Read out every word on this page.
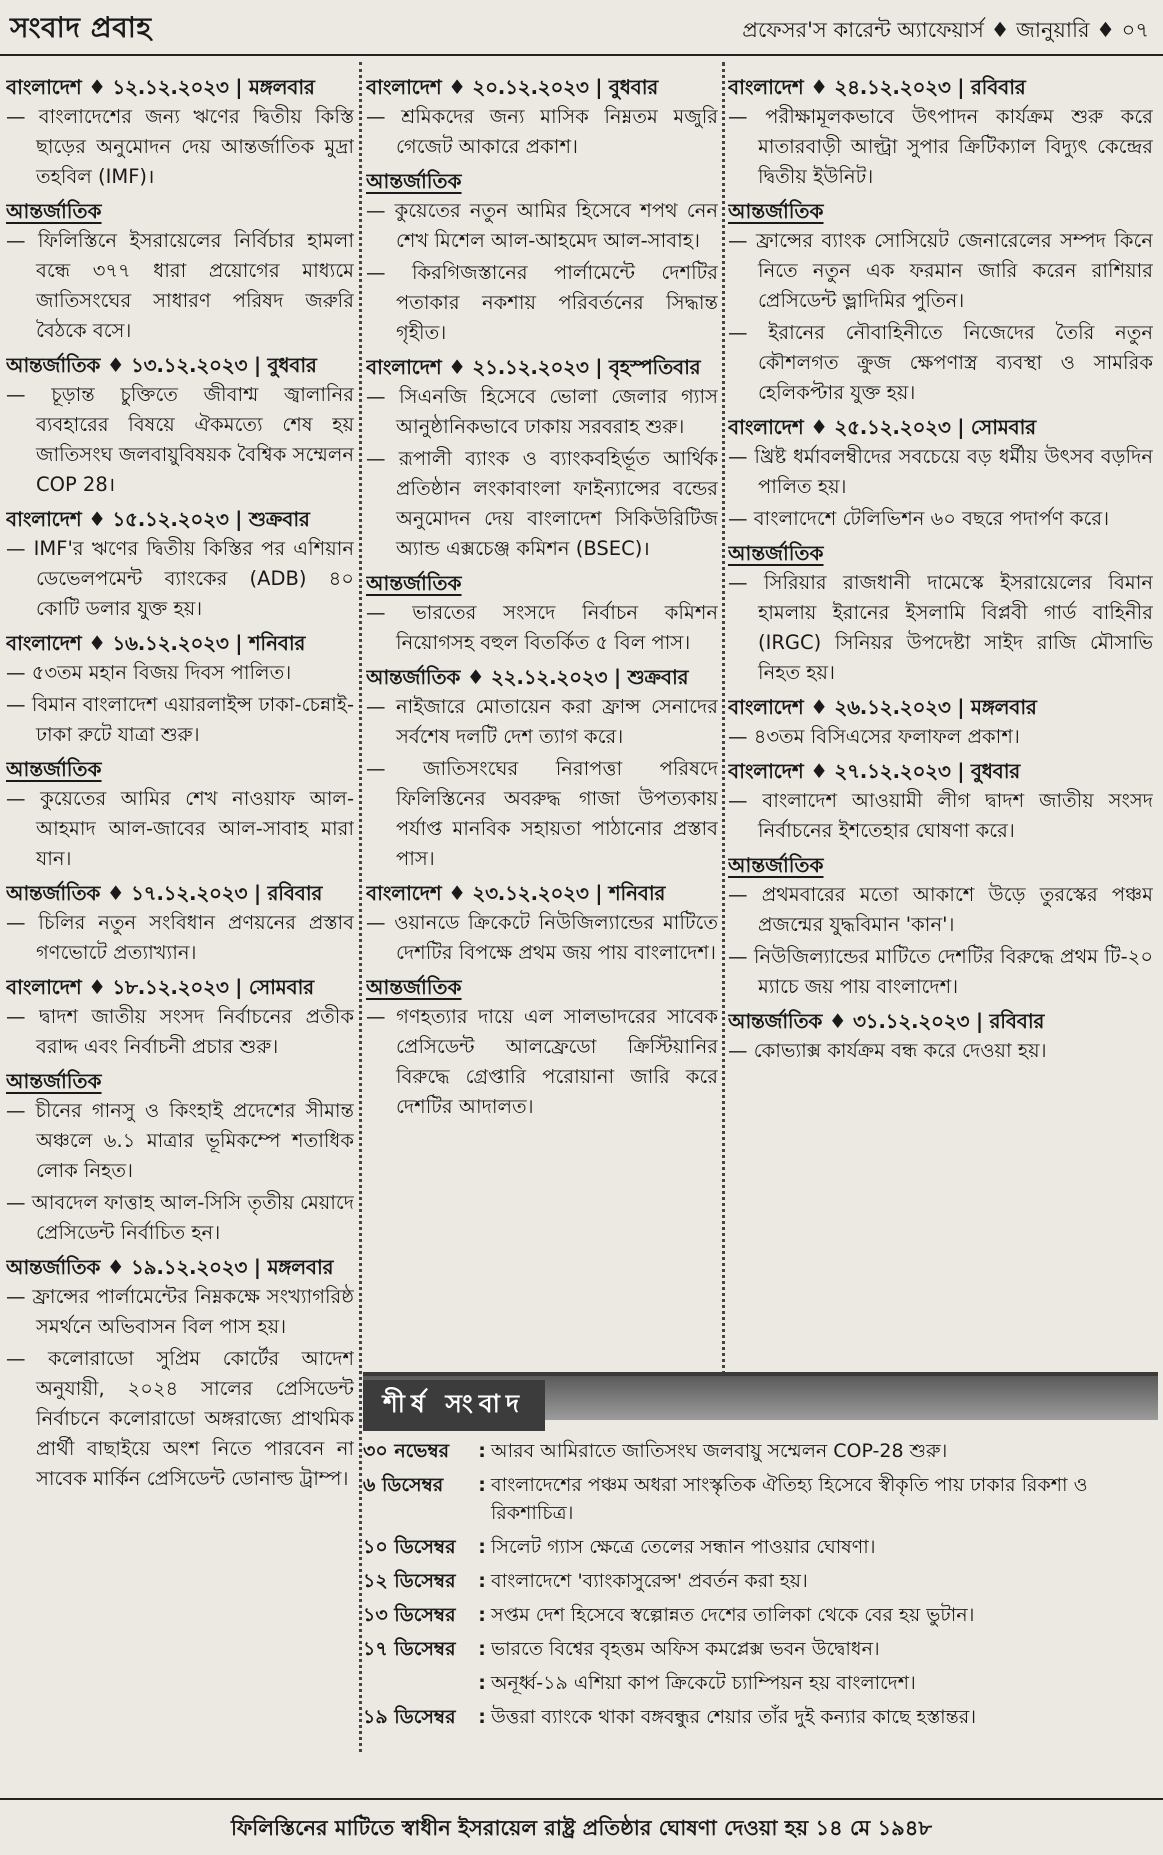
সংবাদ প্রবাহ	প্রফেসর'স কারেন্ট অ্যাফেয়ার্স ♦ জানুয়ারি ♦ ০৭
বাংলাদেশ ♦ ১২.১২.২০২৩ | মঙ্গলবার
— বাংলাদেশের জন্য ঋণের দ্বিতীয় কিস্তি ছাড়ের অনুমোদন দেয় আন্তর্জাতিক মুদ্রা তহবিল (IMF)।
আন্তর্জাতিক
— ফিলিস্তিনে ইসরায়েলের নির্বিচার হামলা বন্ধে ৩৭৭ ধারা প্রয়োগের মাধ্যমে জাতিসংঘের সাধারণ পরিষদ জরুরি বৈঠকে বসে।
আন্তর্জাতিক ♦ ১৩.১২.২০২৩ | বুধবার
— চূড়ান্ত চুক্তিতে জীবাশ্ম জ্বালানির ব্যবহারের বিষয়ে ঐকমত্যে শেষ হয় জাতিসংঘ জলবায়ুবিষয়ক বৈশ্বিক সম্মেলন COP 28।
বাংলাদেশ ♦ ১৫.১২.২০২৩ | শুক্রবার
— IMF'র ঋণের দ্বিতীয় কিস্তির পর এশিয়ান ডেভেলপমেন্ট ব্যাংকের (ADB) ৪০ কোটি ডলার যুক্ত হয়।
বাংলাদেশ ♦ ১৬.১২.২০২৩ | শনিবার
— ৫৩তম মহান বিজয় দিবস পালিত।
— বিমান বাংলাদেশ এয়ারলাইন্স ঢাকা-চেন্নাই-ঢাকা রুটে যাত্রা শুরু।
আন্তর্জাতিক
— কুয়েতের আমির শেখ নাওয়াফ আল-আহমাদ আল-জাবের আল-সাবাহ মারা যান।
আন্তর্জাতিক ♦ ১৭.১২.২০২৩ | রবিবার
— চিলির নতুন সংবিধান প্রণয়নের প্রস্তাব গণভোটে প্রত্যাখ্যান।
বাংলাদেশ ♦ ১৮.১২.২০২৩ | সোমবার
— দ্বাদশ জাতীয় সংসদ নির্বাচনের প্রতীক বরাদ্দ এবং নির্বাচনী প্রচার শুরু।
আন্তর্জাতিক
— চীনের গানসু ও কিংহাই প্রদেশের সীমান্ত অঞ্চলে ৬.১ মাত্রার ভূমিকম্পে শতাধিক লোক নিহত।
— আবদেল ফাত্তাহ আল-সিসি তৃতীয় মেয়াদে প্রেসিডেন্ট নির্বাচিত হন।
আন্তর্জাতিক ♦ ১৯.১২.২০২৩ | মঙ্গলবার
— ফ্রান্সের পার্লামেন্টের নিম্নকক্ষে সংখ্যাগরিষ্ঠ সমর্থনে অভিবাসন বিল পাস হয়।
— কলোরাডো সুপ্রিম কোর্টের আদেশ অনুযায়ী, ২০২৪ সালের প্রেসিডেন্ট নির্বাচনে কলোরাডো অঙ্গরাজ্যে প্রাথমিক প্রার্থী বাছাইয়ে অংশ নিতে পারবেন না সাবেক মার্কিন প্রেসিডেন্ট ডোনাল্ড ট্রাম্প।
বাংলাদেশ ♦ ২০.১২.২০২৩ | বুধবার
— শ্রমিকদের জন্য মাসিক নিম্নতম মজুরি গেজেট আকারে প্রকাশ।
আন্তর্জাতিক
— কুয়েতের নতুন আমির হিসেবে শপথ নেন শেখ মিশেল আল-আহমেদ আল-সাবাহ।
— কিরগিজস্তানের পার্লামেন্টে দেশটির পতাকার নকশায় পরিবর্তনের সিদ্ধান্ত গৃহীত।
বাংলাদেশ ♦ ২১.১২.২০২৩ | বৃহস্পতিবার
— সিএনজি হিসেবে ভোলা জেলার গ্যাস আনুষ্ঠানিকভাবে ঢাকায় সরবরাহ শুরু।
— রূপালী ব্যাংক ও ব্যাংকবহির্ভূত আর্থিক প্রতিষ্ঠান লংকাবাংলা ফাইন্যান্সের বন্ডের অনুমোদন দেয় বাংলাদেশ সিকিউরিটিজ অ্যান্ড এক্সচেঞ্জ কমিশন (BSEC)।
আন্তর্জাতিক
— ভারতের সংসদে নির্বাচন কমিশন নিয়োগসহ বহুল বিতর্কিত ৫ বিল পাস।
আন্তর্জাতিক ♦ ২২.১২.২০২৩ | শুক্রবার
— নাইজারে মোতায়েন করা ফ্রান্স সেনাদের সর্বশেষ দলটি দেশ ত্যাগ করে।
— জাতিসংঘের নিরাপত্তা পরিষদে ফিলিস্তিনের অবরুদ্ধ গাজা উপত্যকায় পর্যাপ্ত মানবিক সহায়তা পাঠানোর প্রস্তাব পাস।
বাংলাদেশ ♦ ২৩.১২.২০২৩ | শনিবার
— ওয়ানডে ক্রিকেটে নিউজিল্যান্ডের মাটিতে দেশটির বিপক্ষে প্রথম জয় পায় বাংলাদেশ।
আন্তর্জাতিক
— গণহত্যার দায়ে এল সালভাদরের সাবেক প্রেসিডেন্ট আলফ্রেডো ক্রিস্টিয়ানির বিরুদ্ধে গ্রেপ্তারি পরোয়ানা জারি করে দেশটির আদালত।
বাংলাদেশ ♦ ২৪.১২.২০২৩ | রবিবার
— পরীক্ষামূলকভাবে উৎপাদন কার্যক্রম শুরু করে মাতারবাড়ী আল্ট্রা সুপার ক্রিটিক্যাল বিদ্যুৎ কেন্দ্রের দ্বিতীয় ইউনিট।
আন্তর্জাতিক
— ফ্রান্সের ব্যাংক সোসিয়েট জেনারেলের সম্পদ কিনে নিতে নতুন এক ফরমান জারি করেন রাশিয়ার প্রেসিডেন্ট ভ্লাদিমির পুতিন।
— ইরানের নৌবাহিনীতে নিজেদের তৈরি নতুন কৌশলগত ক্রুজ ক্ষেপণাস্ত্র ব্যবস্থা ও সামরিক হেলিকপ্টার যুক্ত হয়।
বাংলাদেশ ♦ ২৫.১২.২০২৩ | সোমবার
— খ্রিষ্ট ধর্মাবলম্বীদের সবচেয়ে বড় ধর্মীয় উৎসব বড়দিন পালিত হয়।
— বাংলাদেশে টেলিভিশন ৬০ বছরে পদার্পণ করে।
আন্তর্জাতিক
— সিরিয়ার রাজধানী দামেস্কে ইসরায়েলের বিমান হামলায় ইরানের ইসলামি বিপ্লবী গার্ড বাহিনীর (IRGC) সিনিয়র উপদেষ্টা সাইদ রাজি মৌসাভি নিহত হয়।
বাংলাদেশ ♦ ২৬.১২.২০২৩ | মঙ্গলবার
— ৪৩তম বিসিএসের ফলাফল প্রকাশ।
বাংলাদেশ ♦ ২৭.১২.২০২৩ | বুধবার
— বাংলাদেশ আওয়ামী লীগ দ্বাদশ জাতীয় সংসদ নির্বাচনের ইশতেহার ঘোষণা করে।
আন্তর্জাতিক
— প্রথমবারের মতো আকাশে উড়ে তুরস্কের পঞ্চম প্রজন্মের যুদ্ধবিমান 'কান'।
— নিউজিল্যান্ডের মাটিতে দেশটির বিরুদ্ধে প্রথম টি-২০ ম্যাচে জয় পায় বাংলাদেশ।
আন্তর্জাতিক ♦ ৩১.১২.২০২৩ | রবিবার
— কোভ্যাক্স কার্যক্রম বন্ধ করে দেওয়া হয়।
শীর্ষ সংবাদ
৩০ নভেম্বর	: আরব আমিরাতে জাতিসংঘ জলবায়ু সম্মেলন COP-28 শুরু।
৬ ডিসেম্বর	: বাংলাদেশের পঞ্চম অধরা সাংস্কৃতিক ঐতিহ্য হিসেবে স্বীকৃতি পায় ঢাকার রিকশা ও রিকশাচিত্র।
১০ ডিসেম্বর	: সিলেট গ্যাস ক্ষেত্রে তেলের সন্ধান পাওয়ার ঘোষণা।
১২ ডিসেম্বর	: বাংলাদেশে 'ব্যাংকাসুরেন্স' প্রবর্তন করা হয়।
১৩ ডিসেম্বর	: সপ্তম দেশ হিসেবে স্বল্পোন্নত দেশের তালিকা থেকে বের হয় ভুটান।
১৭ ডিসেম্বর	: ভারতে বিশ্বের বৃহত্তম অফিস কমপ্লেক্স ভবন উদ্বোধন।
: অনূর্ধ্ব-১৯ এশিয়া কাপ ক্রিকেটে চ্যাম্পিয়ন হয় বাংলাদেশ।
১৯ ডিসেম্বর	: উত্তরা ব্যাংকে থাকা বঙ্গবন্ধুর শেয়ার তাঁর দুই কন্যার কাছে হস্তান্তর।
ফিলিস্তিনের মাটিতে স্বাধীন ইসরায়েল রাষ্ট্র প্রতিষ্ঠার ঘোষণা দেওয়া হয় ১৪ মে ১৯৪৮
